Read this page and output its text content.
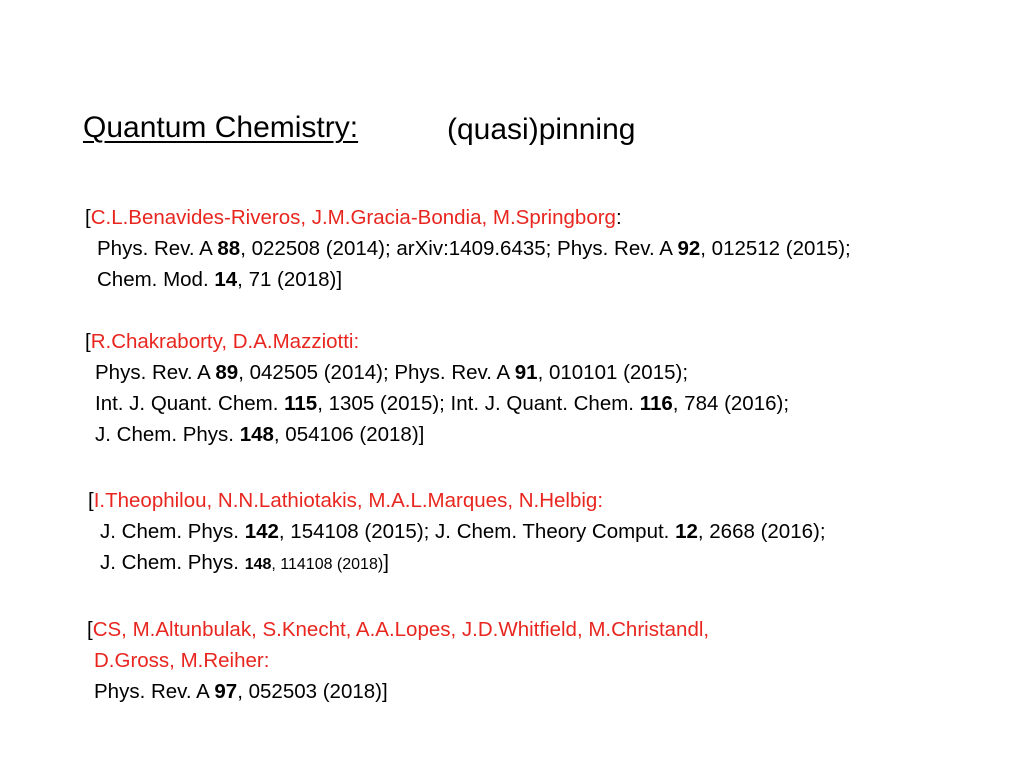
Quantum Chemistry:	(quasi)pinning
[C.L.Benavides-Riveros, J.M.Gracia-Bondia, M.Springborg:
Phys. Rev. A 88, 022508 (2014); arXiv:1409.6435; Phys. Rev. A 92, 012512 (2015);
Chem. Mod. 14, 71 (2018)]
[R.Chakraborty, D.A.Mazziotti:
Phys. Rev. A 89, 042505 (2014); Phys. Rev. A 91, 010101 (2015);
Int. J. Quant. Chem. 115, 1305 (2015); Int. J. Quant. Chem. 116, 784 (2016);
J. Chem. Phys. 148, 054106 (2018)]
[I.Theophilou, N.N.Lathiotakis, M.A.L.Marques, N.Helbig:
J. Chem. Phys. 142, 154108 (2015); J. Chem. Theory Comput. 12, 2668 (2016);
J. Chem. Phys. 148, 114108 (2018)]
[CS, M.Altunbulak, S.Knecht, A.A.Lopes, J.D.Whitfield, M.Christandl,
D.Gross, M.Reiher:
Phys. Rev. A 97, 052503 (2018)]
